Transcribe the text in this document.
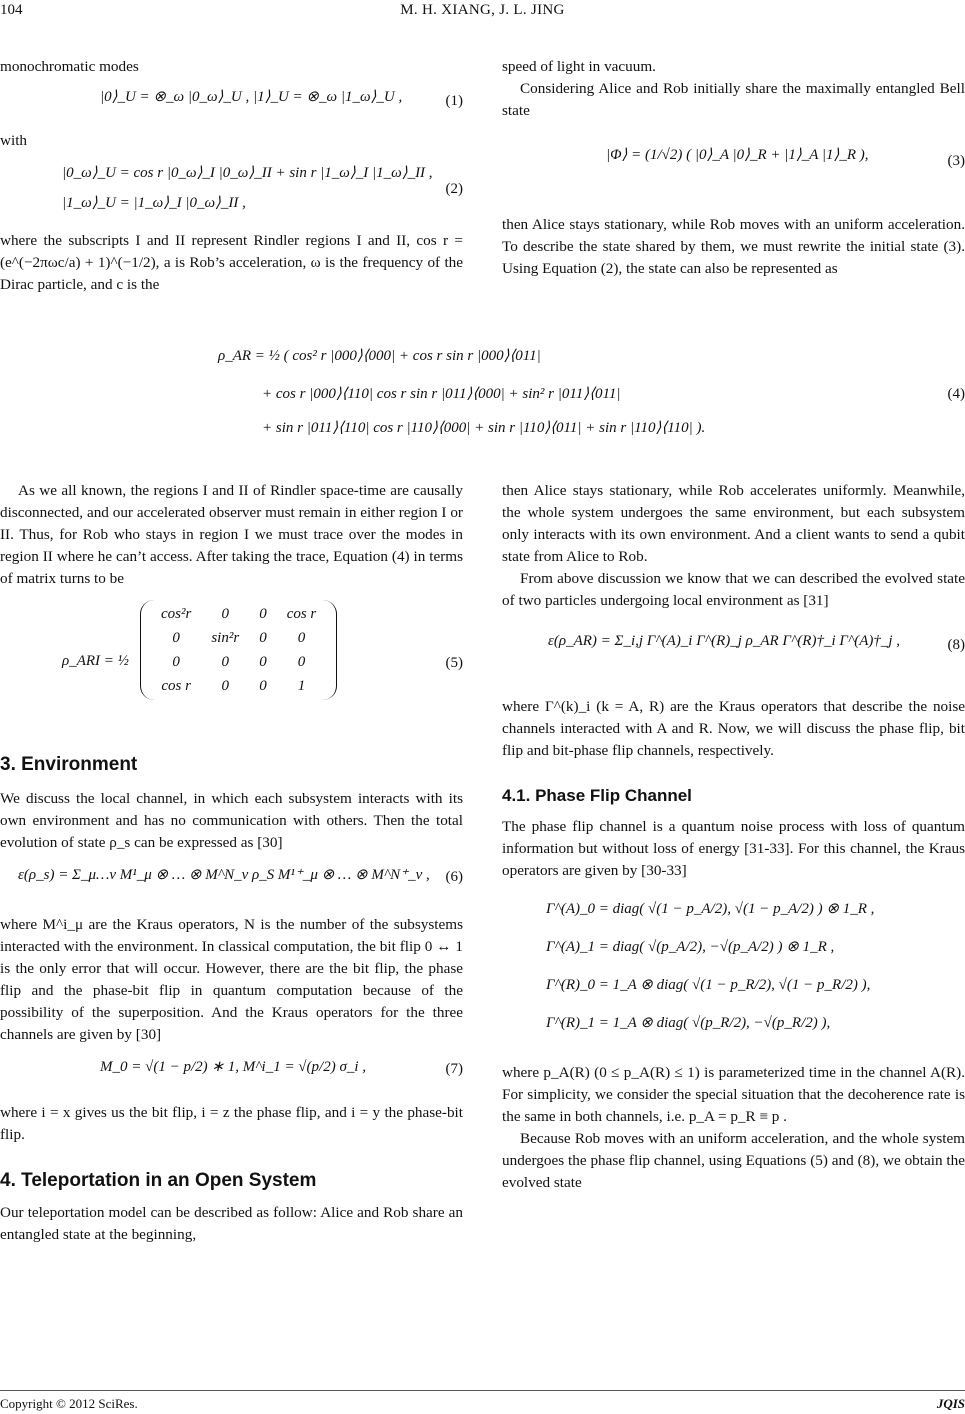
104	M. H. XIANG, J. L. JING

monochromatic modes

|0⟩_U = ⊗_ω |0_ω⟩_U , |1⟩_U = ⊗_ω |1_ω⟩_U ,	(1)

with

|0_ω⟩_U = cos r |0_ω⟩_I |0_ω⟩_II + sin r |1_ω⟩_I |1_ω⟩_II ,
|1_ω⟩_U = |1_ω⟩_I |0_ω⟩_II ,
(2)

where the subscripts I and II represent Rindler regions I and II, cos r = (e^(−2πωc/a) + 1)^(−1/2), a is Rob’s acceleration, ω is the frequency of the Dirac particle, and c is the

speed of light in vacuum.

Considering Alice and Rob initially share the maximally entangled Bell state

|Φ⟩ = (1/√2) ( |0⟩_A |0⟩_R + |1⟩_A |1⟩_R ),	(3)

then Alice stays stationary, while Rob moves with an uniform acceleration. To describe the state shared by them, we must rewrite the initial state (3). Using Equation (2), the state can also be represented as

ρ_AR = ½ ( cos² r |000⟩⟨000| + cos r sin r |000⟩⟨011|
+ cos r |000⟩⟨110| cos r sin r |011⟩⟨000| + sin² r |011⟩⟨011|
+ sin r |011⟩⟨110| cos r |110⟩⟨000| + sin r |110⟩⟨011| + sin r |110⟩⟨110| ).
(4)

As we all known, the regions I and II of Rindler space-time are causally disconnected, and our accelerated observer must remain in either region I or II. Thus, for Rob who stays in region I we must trace over the modes in region II where he can’t access. After taking the trace, Equation (4) in terms of matrix turns to be

ρ_ARI = ½
cos²r	0	0	cos r
0	sin²r	0	0
0	0	0	0
cos r	0	0	1
(5)
3. Environment

We discuss the local channel, in which each subsystem interacts with its own environment and has no communication with others. Then the total evolution of state ρ_s can be expressed as [30]

ε(ρ_s) = Σ_μ…ν M¹_μ ⊗ … ⊗ M^N_ν ρ_S M¹⁺_μ ⊗ … ⊗ M^N⁺_ν , (6)

where M^i_μ are the Kraus operators, N is the number of the subsystems interacted with the environment. In classical computation, the bit flip 0 ↔ 1 is the only error that will occur. However, there are the bit flip, the phase flip and the phase-bit flip in quantum computation because of the possibility of the superposition. And the Kraus operators for the three channels are given by [30]

M_0 = √(1 − p/2) ∗ 1, M^i_1 = √(p/2) σ_i ,	(7)

where i = x gives us the bit flip, i = z the phase flip, and i = y the phase-bit flip.

4. Teleportation in an Open System

Our teleportation model can be described as follow: Alice and Rob share an entangled state at the beginning,

then Alice stays stationary, while Rob accelerates uniformly. Meanwhile, the whole system undergoes the same environment, but each subsystem only interacts with its own environment. And a client wants to send a qubit state from Alice to Rob.

From above discussion we know that we can described the evolved state of two particles undergoing local environment as [31]

ε(ρ_AR) = Σ_i,j Γ^(A)_i Γ^(R)_j ρ_AR Γ^(R)†_i Γ^(A)†_j ,	(8)

where Γ^(k)_i (k = A, R) are the Kraus operators that describe the noise channels interacted with A and R. Now, we will discuss the phase flip, bit flip and bit-phase flip channels, respectively.

4.1. Phase Flip Channel

The phase flip channel is a quantum noise process with loss of quantum information but without loss of energy [31-33]. For this channel, the Kraus operators are given by [30-33]

Γ^(A)_0 = diag( √(1 − p_A/2), √(1 − p_A/2) ) ⊗ 1_R ,
Γ^(A)_1 = diag( √(p_A/2), −√(p_A/2) ) ⊗ 1_R ,
Γ^(R)_0 = 1_A ⊗ diag( √(1 − p_R/2), √(1 − p_R/2) ),
Γ^(R)_1 = 1_A ⊗ diag( √(p_R/2), −√(p_R/2) ),

where p_A(R) (0 ≤ p_A(R) ≤ 1) is parameterized time in the channel A(R). For simplicity, we consider the special situation that the decoherence rate is the same in both channels, i.e. p_A = p_R ≡ p .

Because Rob moves with an uniform acceleration, and the whole system undergoes the phase flip channel, using Equations (5) and (8), we obtain the evolved state

Copyright © 2012 SciRes.	JQIS
